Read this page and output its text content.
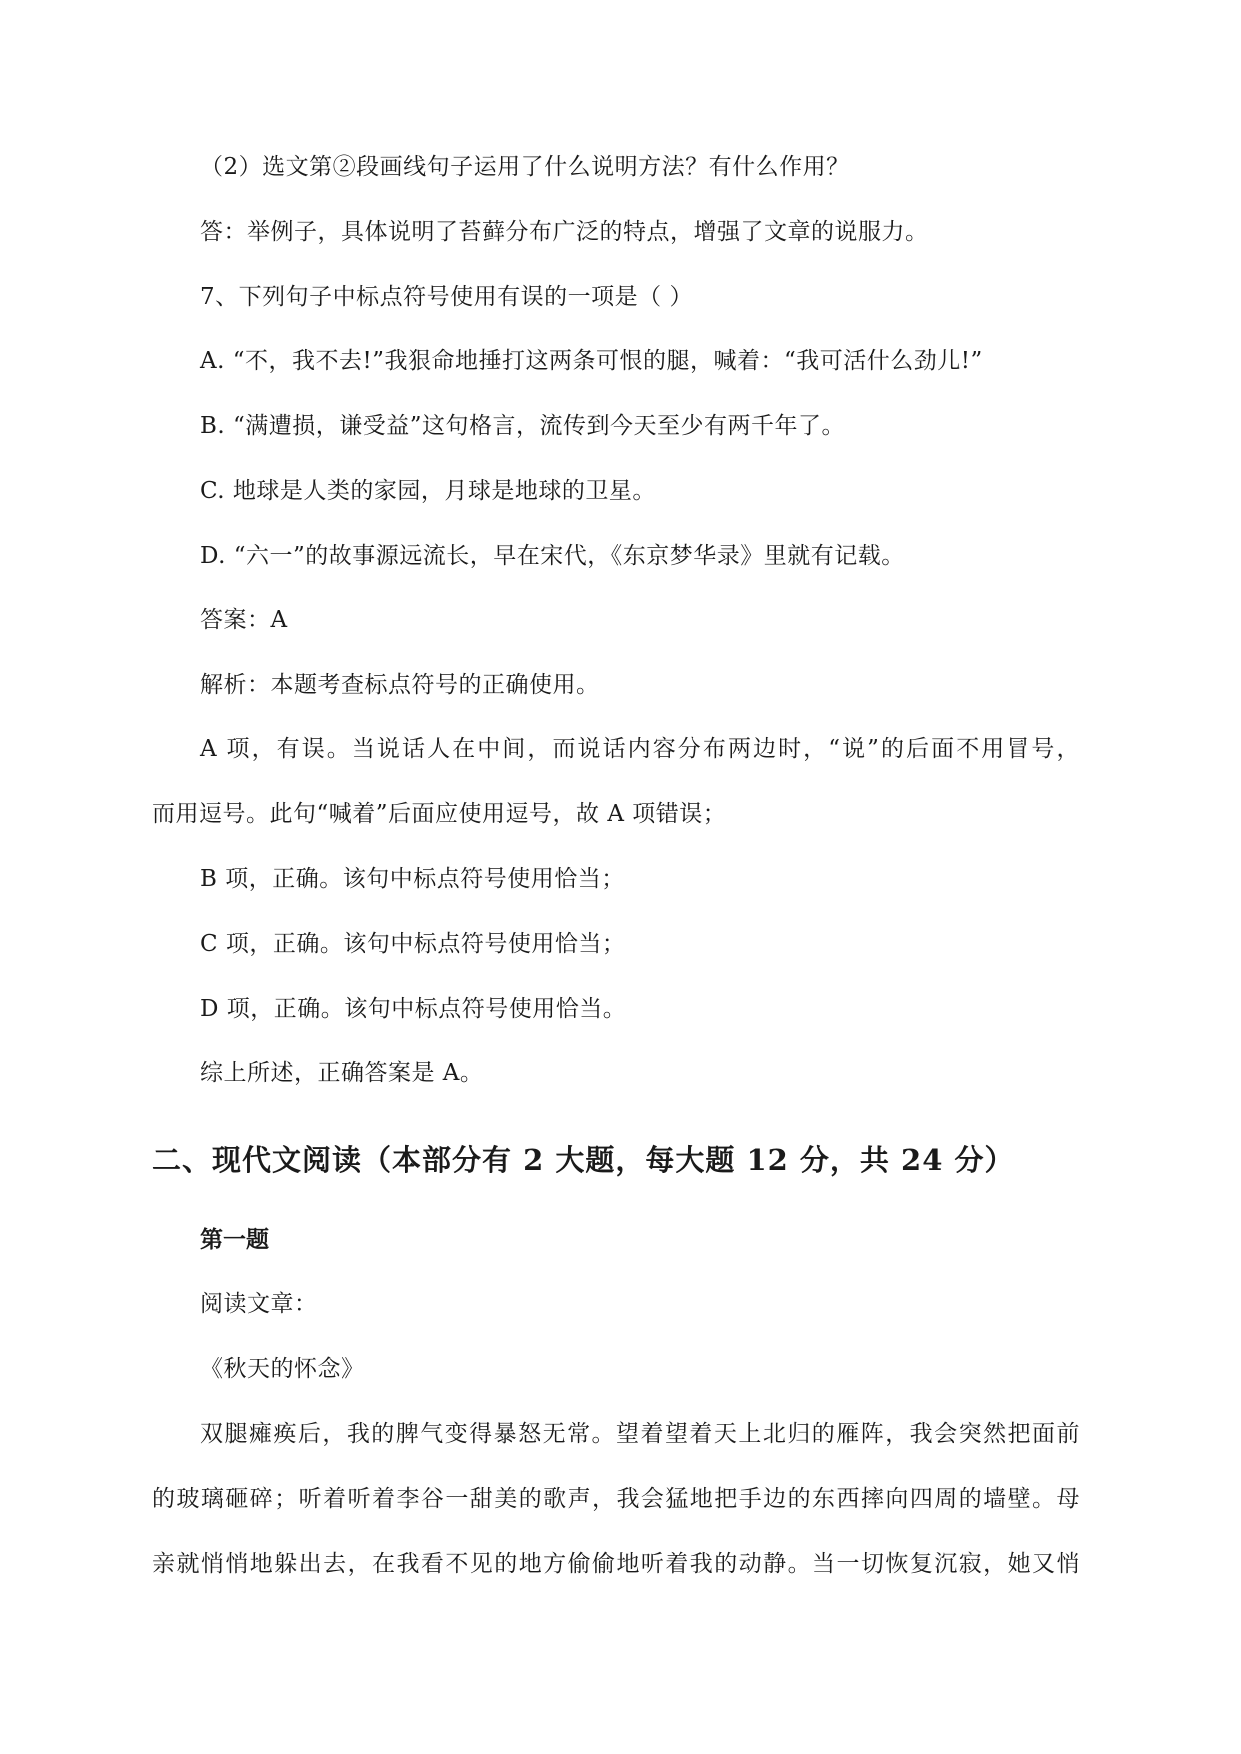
（2）选文第②段画线句子运用了什么说明方法？有什么作用？
答：举例子，具体说明了苔藓分布广泛的特点，增强了文章的说服力。
7、下列句子中标点符号使用有误的一项是（ ）
A. “不，我不去!”我狠命地捶打这两条可恨的腿，喊着：“我可活什么劲儿!”
B. “满遭损，谦受益”这句格言，流传到今天至少有两千年了。
C. 地球是人类的家园，月球是地球的卫星。
D. “六一”的故事源远流长，早在宋代，《东京梦华录》里就有记载。
答案：A
解析：本题考查标点符号的正确使用。
A 项，有误。当说话人在中间，而说话内容分布两边时，“说”的后面不用冒号，
而用逗号。此句“喊着”后面应使用逗号，故 A 项错误；
B 项，正确。该句中标点符号使用恰当；
C 项，正确。该句中标点符号使用恰当；
D 项，正确。该句中标点符号使用恰当。
综上所述，正确答案是 A。
二、现代文阅读（本部分有 2 大题，每大题 12 分，共 24 分）
第一题
阅读文章：
《秋天的怀念》
双腿瘫痪后，我的脾气变得暴怒无常。望着望着天上北归的雁阵，我会突然把面前
的玻璃砸碎；听着听着李谷一甜美的歌声，我会猛地把手边的东西摔向四周的墙壁。母
亲就悄悄地躲出去，在我看不见的地方偷偷地听着我的动静。当一切恢复沉寂，她又悄
